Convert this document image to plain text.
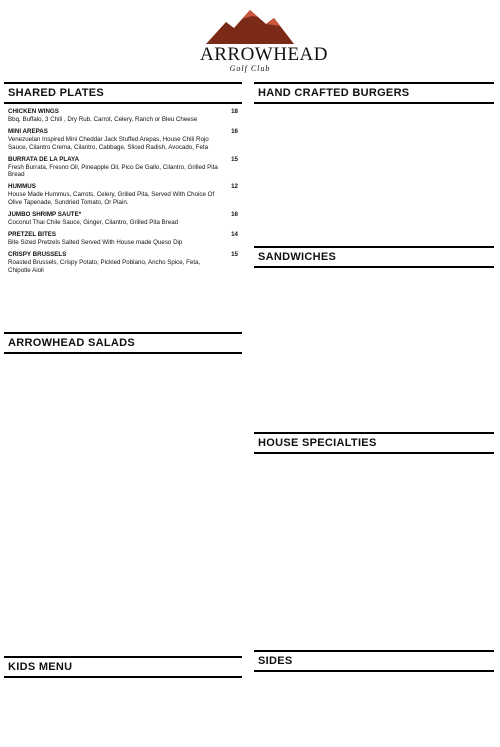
ARROWHEAD
Golf Club
SHARED PLATES
CHICKEN WINGS	18
Bbq, Buffalo, 3 Chili , Dry Rub, Carrot, Celery, Ranch or Bleu Cheese
MINI AREPAS	16
Venezuelan Inspired Mini Cheddar Jack Stuffed Arepas, House Chili Rojo Sauce, Cilantro Crema, Cilantro, Cabbage, Sliced Radish, Avocado, Feta
BURRATA DE LA PLAYA	15
Fresh Burrata, Fresno Oil, Pineapple Oil, Pico De Gallo, Cilantro, Grilled Pita Bread
HUMMUS	12
House Made Hummus, Carrots, Celery, Grilled Pita, Served With Choice Of Olive Tapenade, Sundried Tomato, Or Plain.
JUMBO SHRIMP SAUTE*	16
Coconut Thai Chile Sauce, Ginger, Cilantro, Grilled Pita Bread
PRETZEL BITES	14
Bite Sized Pretzels Salted Served With House made Queso Dip
CRISPY BRUSSELS	15
Roasted Brussels, Crispy Potato, Pickled Poblano, Ancho Spice, Feta, Chipotle Aioli
ARROWHEAD SALADS
KIDS MENU
HAND CRAFTED BURGERS
SANDWICHES
HOUSE SPECIALTIES
SIDES
